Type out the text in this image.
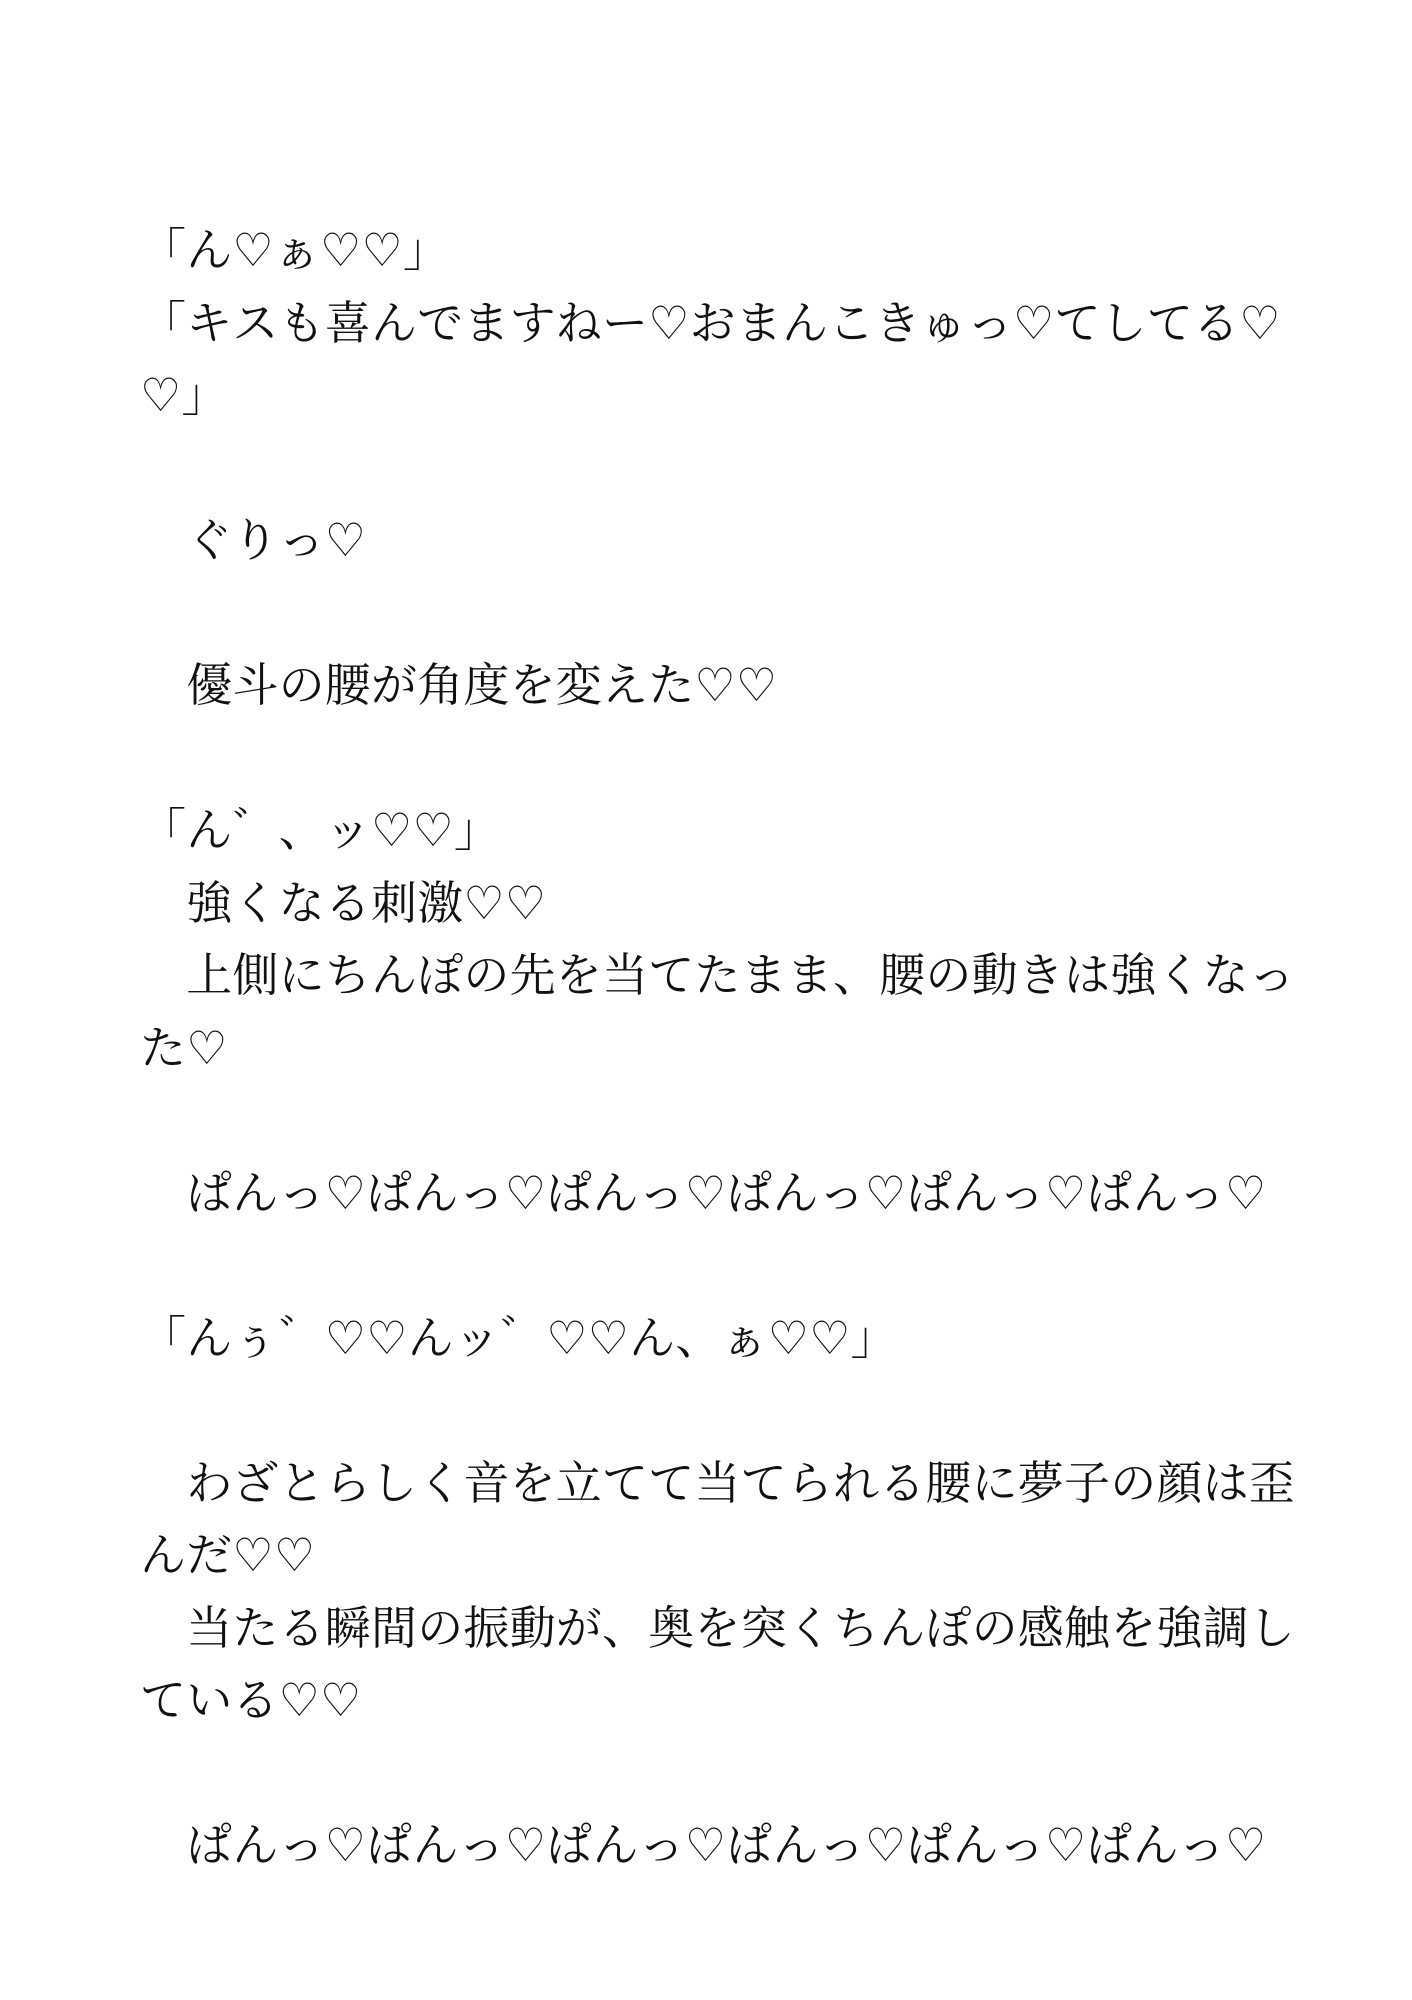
「ん♡ぁ♡♡」
「キスも喜んでますねー♡おまんこきゅっ♡てしてる♡
♡」
　ぐりっ♡
　優斗の腰が角度を変えた♡♡
「ん゛、ッ♡♡」
　強くなる刺激♡♡
　上側にちんぽの先を当てたまま、腰の動きは強くなっ
た♡
　ぱんっ♡ぱんっ♡ぱんっ♡ぱんっ♡ぱんっ♡ぱんっ♡
「んぅ゛♡♡んッ゛♡♡ん、ぁ♡♡」
　わざとらしく音を立てて当てられる腰に夢子の顔は歪
んだ♡♡
　当たる瞬間の振動が、奥を突くちんぽの感触を強調し
ている♡♡
　ぱんっ♡ぱんっ♡ぱんっ♡ぱんっ♡ぱんっ♡ぱんっ♡
